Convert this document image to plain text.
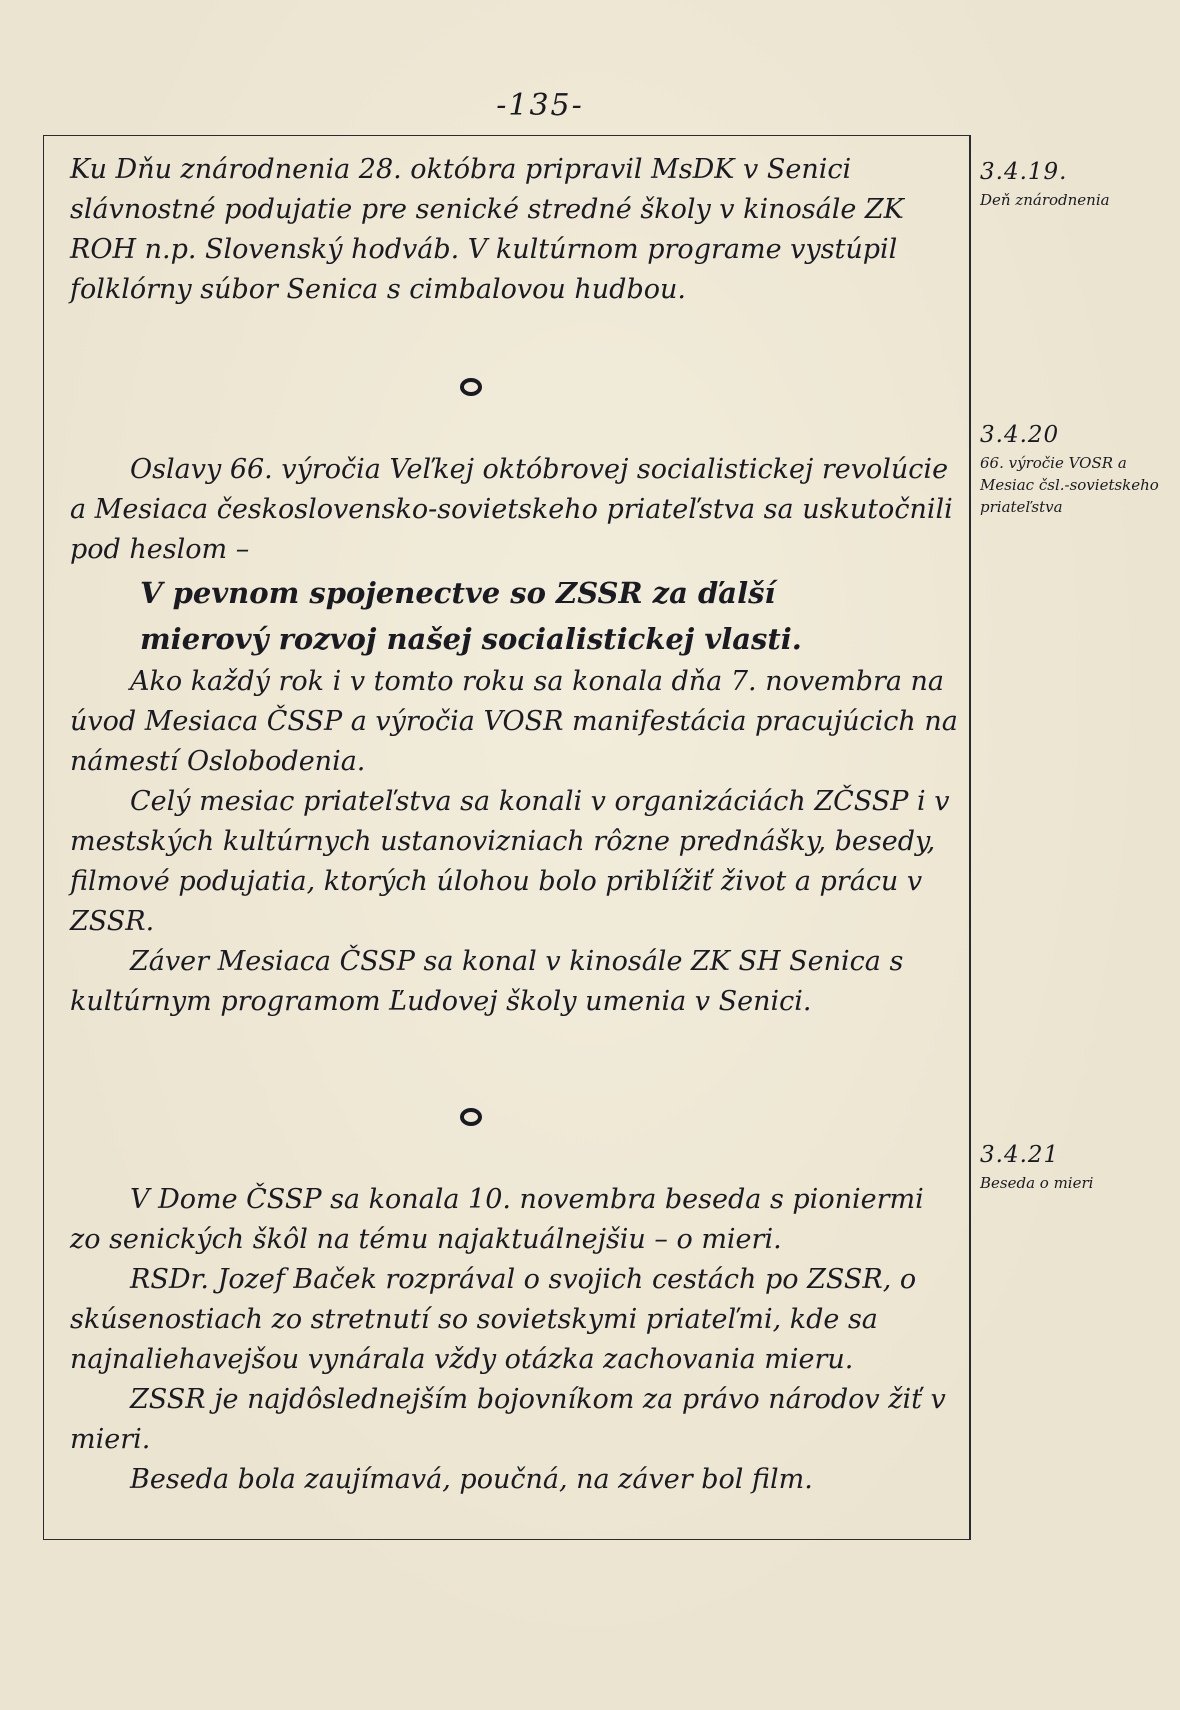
-135-

Ku Dňu znárodnenia 28. októbra pripravil MsDK v Senici slávnostné podujatie pre senické stredné školy v kinosále ZK ROH n.p. Slovenský hodváb. V kultúrnom programe vystúpil folklórny súbor Senica s cimbalovou hudbou.

Oslavy 66. výročia Veľkej októbrovej socialistickej revolúcie a Mesiaca československo-sovietskeho priateľstva sa uskutočnili pod heslom –

V pevnom spojenectve so ZSSR za ďalší

mierový rozvoj našej socialistickej vlasti.

Ako každý rok i v tomto roku sa konala dňa 7. novembra na úvod Mesiaca ČSSP a výročia VOSR manifestácia pracujúcich na námestí Oslobodenia.

Celý mesiac priateľstva sa konali v organizáciách ZČSSP i v mestských kultúrnych ustanovizniach rôzne prednášky, besedy, filmové podujatia, ktorých úlohou bolo priblížiť život a prácu v ZSSR.

Záver Mesiaca ČSSP sa konal v kinosále ZK SH Senica s kultúrnym programom Ľudovej školy umenia v Senici.

V Dome ČSSP sa konala 10. novembra beseda s pioniermi zo senických škôl na tému najaktuálnejšiu – o mieri.

RSDr. Jozef Baček rozprával o svojich cestách po ZSSR, o skúsenostiach zo stretnutí so sovietskymi priateľmi, kde sa najnaliehavejšou vynárala vždy otázka zachovania mieru.

ZSSR je najdôslednejším bojovníkom za právo národov žiť v mieri.

Beseda bola zaujímavá, poučná, na záver bol film.

3.4.19.
Deň znárodnenia
3.4.20
66. výročie VOSR a Mesiac čsl.-sovietskeho priateľstva
3.4.21
Beseda o mieri
